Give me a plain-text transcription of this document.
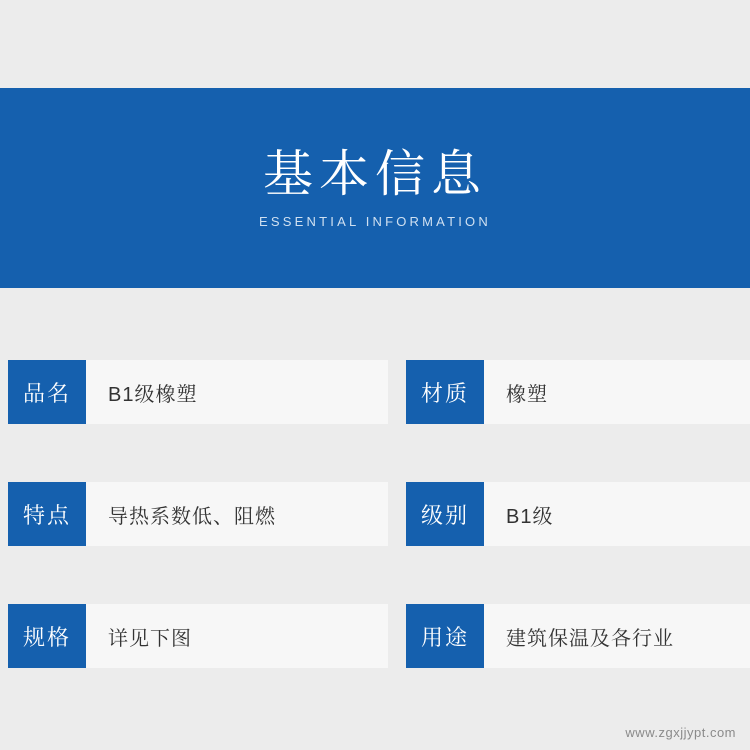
基本信息
ESSENTIAL INFORMATION
品名	B1级橡塑	材质	橡塑
特点	导热系数低、阻燃	级别	B1级
规格	详见下图	用途	建筑保温及各行业
www.zgxjjypt.com
